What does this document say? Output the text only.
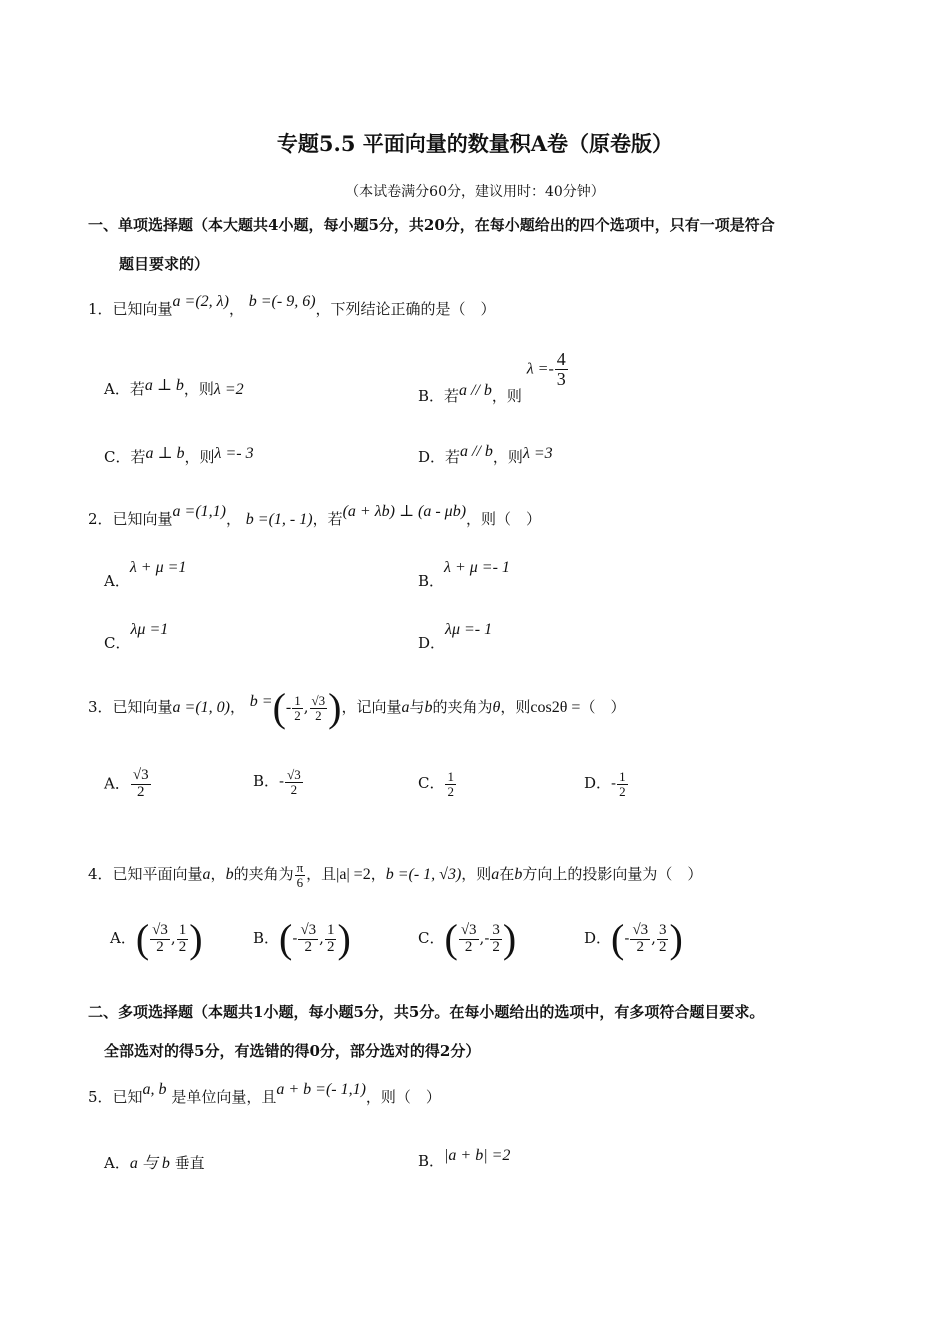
专题5.5 平面向量的数量积A卷（原卷版）
（本试卷满分60分，建议用时：40分钟）
一、单项选择题（本大题共4小题，每小题5分，共20分，在每小题给出的四个选项中，只有一项是符合
题目要求的）
1．已知向量a =(2, λ)， b =(- 9, 6)，下列结论正确的是（　）
A．若a ⊥ b，则λ =2	B．若a // b，则 $\lambda =- \frac{4}{3}$
C．若a ⊥ b，则λ =- 3	D．若a // b，则λ =3
2．已知向量a =(1,1)， b =(1, - 1)，若(a + λb) ⊥ (a - μb)，则（　）
A．λ + μ =1
B．λ + μ =- 1
C．λμ =1
D．λμ =- 1
3．已知向量a =(1, 0)， b =(- $\frac{1}{2}$ , $\frac{√3}{2}$ )，记向量a与b的夹角为θ，则cos2θ =（　）
A． $\frac{√3}{2}$	B．- $\frac{√3}{2}$	C． $\frac{1}{2}$	D．- $\frac{1}{2}$
4．已知平面向量a，b的夹角为 $\frac{\pi}{6}$ ，且|a| =2，b =(- 1, √3)，则a在b方向上的投影向量为（　）
A．( $\frac{√3}{2}$ , $\frac{1}{2}$ )	B．(- $\frac{√3}{2}$ , $\frac{1}{2}$ )	C．( $\frac{√3}{2}$ ,- $\frac{3}{2}$ )	D．(- $\frac{√3}{2}$ , $\frac{3}{2}$ )
二、多项选择题（本题共1小题，每小题5分，共5分。在每小题给出的选项中，有多项符合题目要求。
全部选对的得5分，有选错的得0分，部分选对的得2分）
5．已知a, b 是单位向量，且a + b =(- 1,1)，则（　）
A．a 与 b 垂直	B．|a + b| =2
